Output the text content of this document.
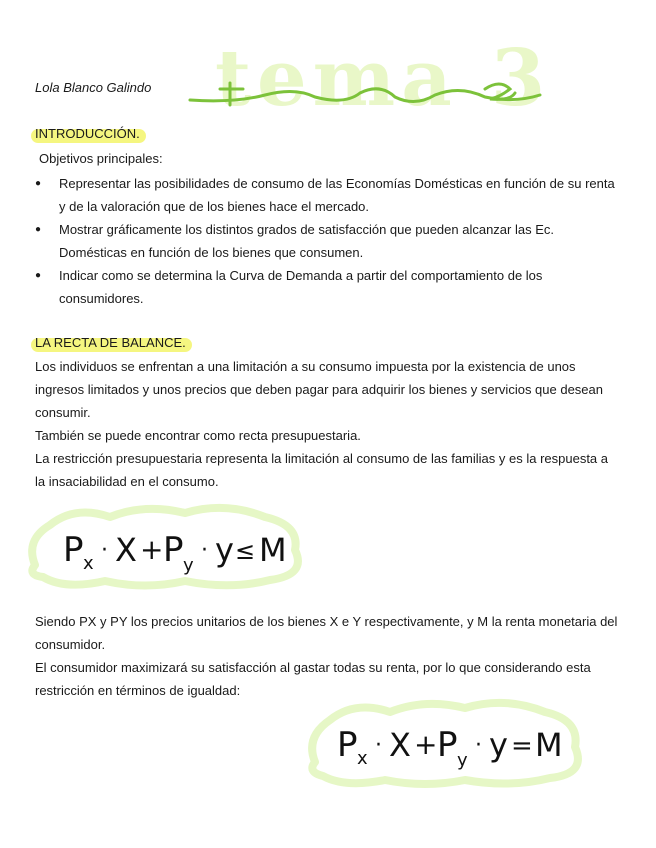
Lola Blanco Galindo tema 3
INTRODUCCIÓN.
Objetivos principales:
● Representar las posibilidades de consumo de las Economías Domésticas en función de su renta y de la valoración que de los bienes hace el mercado.
● Mostrar gráficamente los distintos grados de satisfacción que pueden alcanzar las Ec. Domésticas en función de los bienes que consumen.
● Indicar como se determina la Curva de Demanda a partir del comportamiento de los consumidores.
LA RECTA DE BALANCE.

Los individuos se enfrentan a una limitación a su consumo impuesta por la existencia de unos ingresos limitados y unos precios que deben pagar para adquirir los bienes y servicios que desean consumir.

También se puede encontrar como recta presupuestaria.

La restricción presupuestaria representa la limitación al consumo de las familias y es la respuesta a la insaciabilidad en el consumo.

P x
· X + P y
· y ≤ M

Siendo PX y PY los precios unitarios de los bienes X e Y respectivamente, y M la renta monetaria del consumidor.

El consumidor maximizará su satisfacción al gastar todas su renta, por lo que considerando esta restricción en términos de igualdad:

P x
· X + P y
· y = M
